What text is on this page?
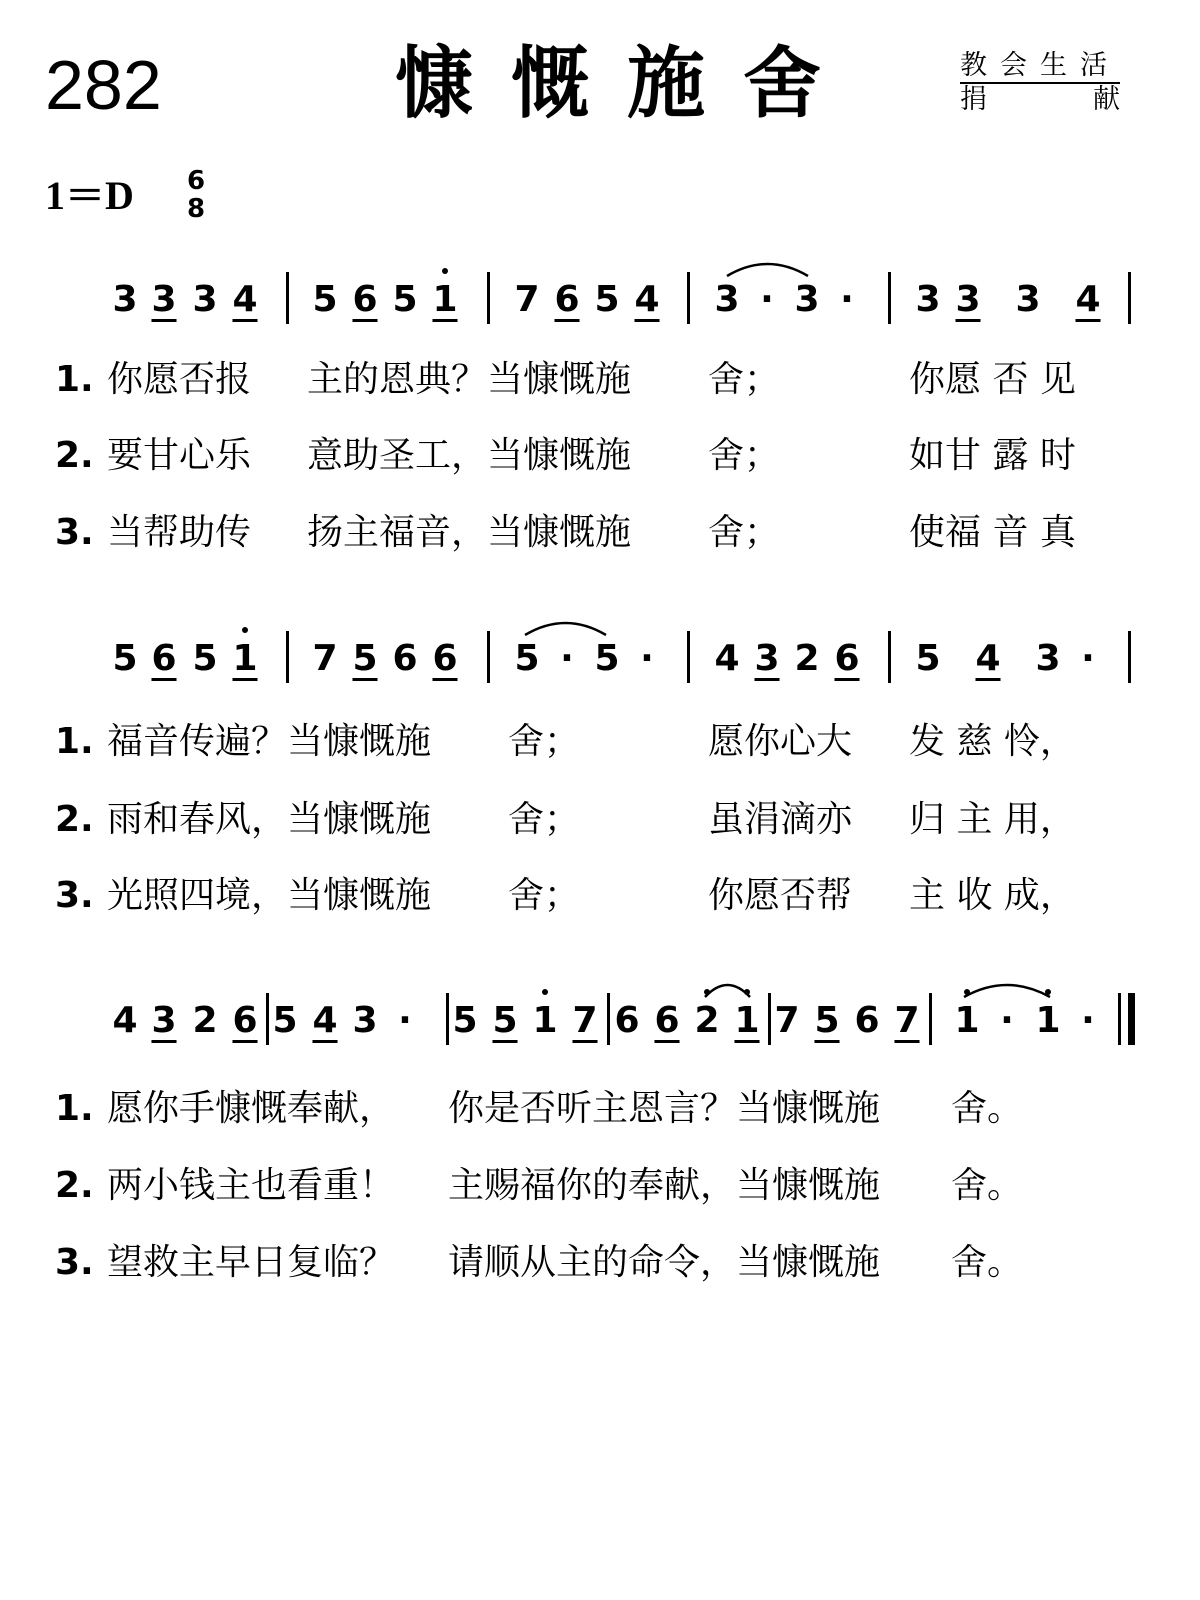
282	慷慨施舍	教会生活

捐	献
1＝D 6
8
3 3 3 4 5 6 5 1 7 6 5 4 3 · 3 · 3 3 3 4
1. 你愿否报 主的恩典？当慷慨施 舍；	你愿 否 见
2. 要甘心乐 意助圣工，当慷慨施 舍；	如甘 露 时
3. 当帮助传 扬主福音，当慷慨施 舍；	使福 音 真
5 6 5 1 7 5 6 6 5 · 5 · 4 3 2 6 5 4 3 ·
1. 福音传遍？当慷慨施 舍；	愿你心大 发 慈 怜，
2. 雨和春风，当慷慨施 舍；	虽涓滴亦 归 主 用，
3. 光照四境，当慷慨施 舍；	你愿否帮 主 收 成，
4 3 2 6 5 4 3 · 5 5 1 7 6 6 2 1 7 5 6 7 1 · 1 ·
1. 愿你手慷慨奉献， 你是否听主恩言？当慷慨施 舍。
2. 两小钱主也看重！ 主赐福你的奉献，当慷慨施 舍。
3. 望救主早日复临？ 请顺从主的命令，当慷慨施 舍。
